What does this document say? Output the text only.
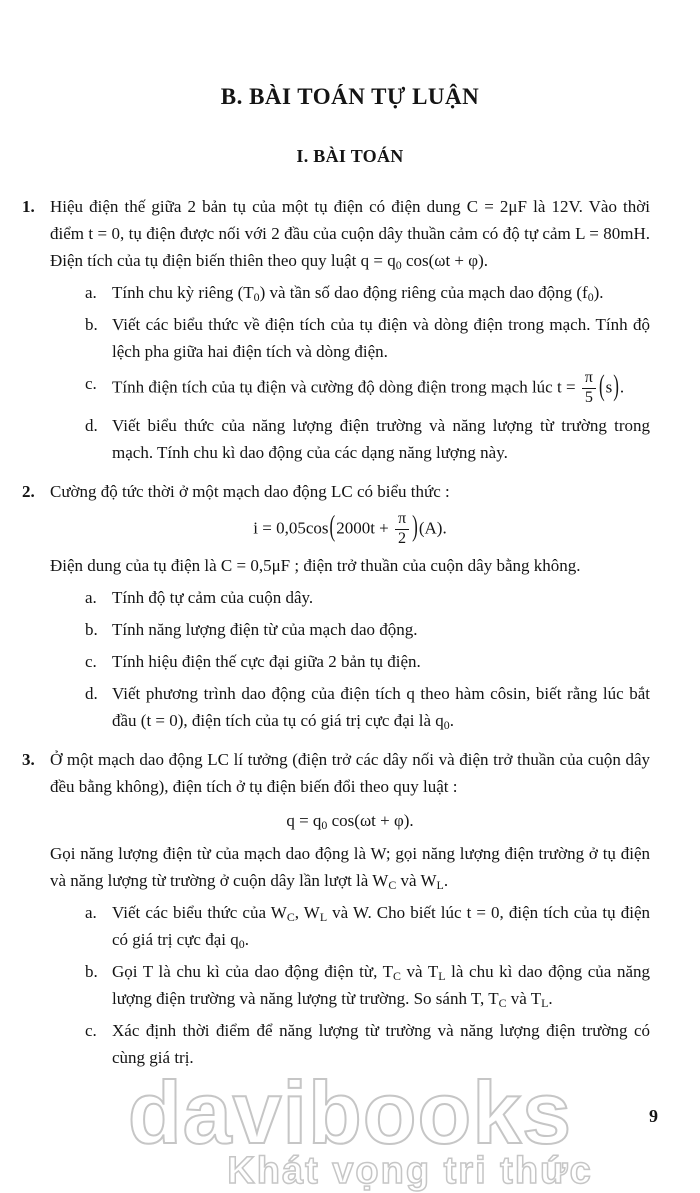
B. BÀI TOÁN TỰ LUẬN
I. BÀI TOÁN
1. Hiệu điện thế giữa 2 bản tụ của một tụ điện có điện dung C = 2μF là 12V. Vào thời điểm t = 0, tụ điện được nối với 2 đầu của cuộn dây thuần cảm có độ tự cảm L = 80mH. Điện tích của tụ điện biến thiên theo quy luật $q = q_0$ cos(ωt + φ).
a. Tính chu kỳ riêng $(T_0)$ và tần số dao động riêng của mạch dao động $(f_0)$.
b. Viết các biểu thức về điện tích của tụ điện và dòng điện trong mạch. Tính độ lệch pha giữa hai điện tích và dòng điện.
c. Tính điện tích của tụ điện và cường độ dòng điện trong mạch lúc $t = \frac{\pi}{5} (s)$.
d. Viết biểu thức của năng lượng điện trường và năng lượng từ trường trong mạch. Tính chu kì dao động của các dạng năng lượng này.
2. Cường độ tức thời ở một mạch dao động LC có biểu thức :
$i = 0,05\cos(2000t + \frac{\pi}{2} )(A)$.
Điện dung của tụ điện là C = 0,5μF ; điện trở thuần của cuộn dây bằng không.
a. Tính độ tự cảm của cuộn dây.
b. Tính năng lượng điện từ của mạch dao động.
c. Tính hiệu điện thế cực đại giữa 2 bản tụ điện.
d. Viết phương trình dao động của điện tích q theo hàm côsin, biết rằng lúc bắt đầu (t = 0), điện tích của tụ có giá trị cực đại là $q_0$.
3. Ở một mạch dao động LC lí tưởng (điện trở các dây nối và điện trở thuần của cuộn dây đều bằng không), điện tích ở tụ điện biến đổi theo quy luật :
$q = q_0$ cos(ωt + φ).
Gọi năng lượng điện từ của mạch dao động là W; gọi năng lượng điện trường ở tụ điện và năng lượng từ trường ở cuộn dây lần lượt là $W_C$ và $W_L$.
a. Viết các biểu thức của $W_C$, $W_L$ và W. Cho biết lúc t = 0, điện tích của tụ điện có giá trị cực đại $q_0$.
b. Gọi T là chu kì của dao động điện từ, $T_C$ và $T_L$ là chu kì dao động của năng lượng điện trường và năng lượng từ trường. So sánh T, $T_C$ và $T_L$.
c. Xác định thời điểm để năng lượng từ trường và năng lượng điện trường có cùng giá trị.
davibooks
Khát vọng tri thức
9
